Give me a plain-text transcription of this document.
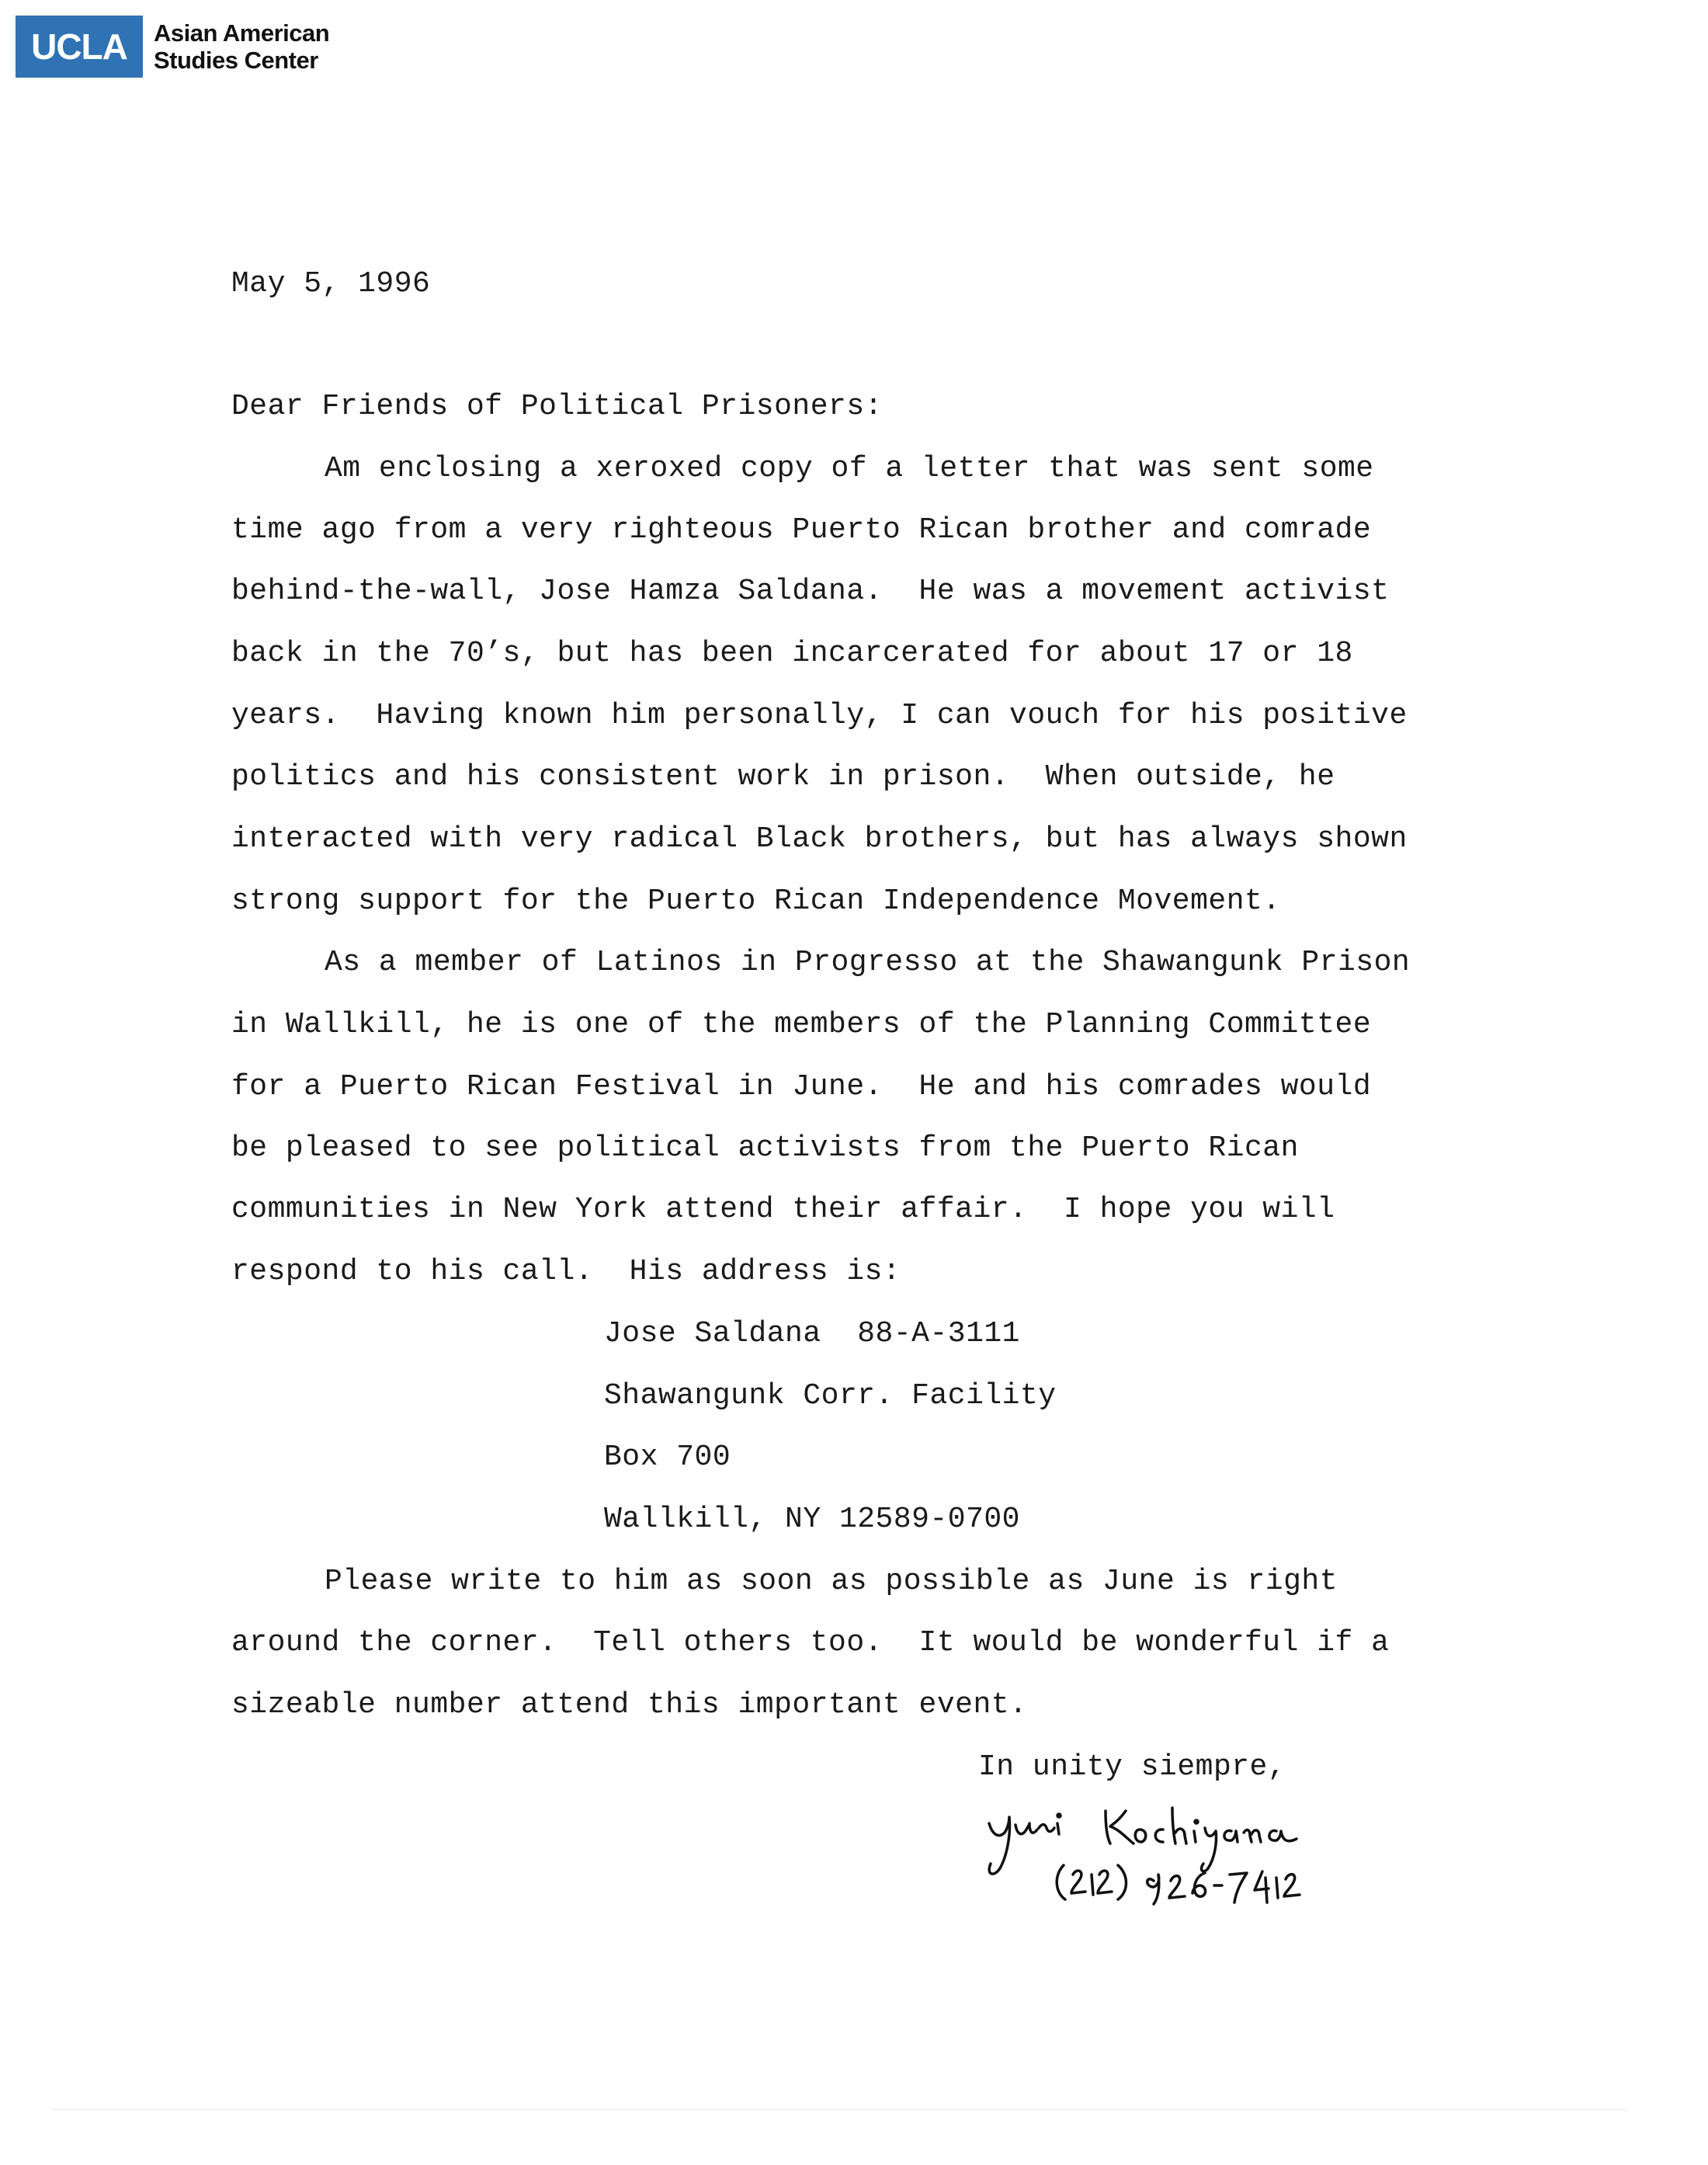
UCLA	Asian American
Studies Center
May 5, 1996
Dear Friends of Political Prisoners:
Am enclosing a xeroxed copy of a letter that was sent some
time ago from a very righteous Puerto Rican brother and comrade
behind-the-wall, Jose Hamza Saldana.  He was a movement activist
back in the 70’s, but has been incarcerated for about 17 or 18
years.  Having known him personally, I can vouch for his positive
politics and his consistent work in prison.  When outside, he
interacted with very radical Black brothers, but has always shown
strong support for the Puerto Rican Independence Movement.
As a member of Latinos in Progresso at the Shawangunk Prison
in Wallkill, he is one of the members of the Planning Committee
for a Puerto Rican Festival in June.  He and his comrades would
be pleased to see political activists from the Puerto Rican
communities in New York attend their affair.  I hope you will
respond to his call.  His address is:
Jose Saldana  88-A-3111
Shawangunk Corr. Facility
Box 700
Wallkill, NY 12589-0700
Please write to him as soon as possible as June is right
around the corner.  Tell others too.  It would be wonderful if a
sizeable number attend this important event.
In unity siempre,
